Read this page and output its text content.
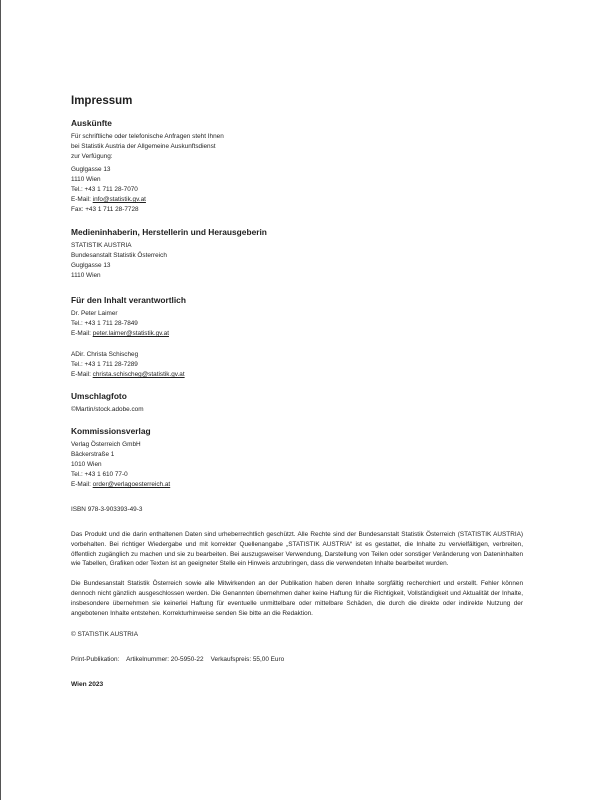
Impressum
Auskünfte

Für schriftliche oder telefonische Anfragen steht Ihnen
bei Statistik Austria der Allgemeine Auskunftsdienst
zur Verfügung:

Guglgasse 13
1110 Wien
Tel.: +43 1 711 28-7070
E-Mail: info@statistik.gv.at
Fax: +43 1 711 28-7728

Medieninhaberin, Herstellerin und Herausgeberin

STATISTIK AUSTRIA
Bundesanstalt Statistik Österreich
Guglgasse 13
1110 Wien

Für den Inhalt verantwortlich

Dr. Peter Laimer
Tel.: +43 1 711 28-7849
E-Mail: peter.laimer@statistik.gv.at

ADir. Christa Schischeg
Tel.: +43 1 711 28-7289
E-Mail: christa.schischeg@statistik.gv.at

Umschlagfoto

©Martin/stock.adobe.com

Kommissionsverlag

Verlag Österreich GmbH
Bäckerstraße 1
1010 Wien
Tel.: +43 1 610 77-0
E-Mail: order@verlagoesterreich.at

ISBN 978-3-903393-49-3

Das Produkt und die darin enthaltenen Daten sind urheberrechtlich geschützt. Alle Rechte sind der Bundesanstalt Statistik Österreich (STATISTIK AUSTRIA) vorbehalten. Bei richtiger Wiedergabe und mit korrekter Quellenangabe „STATISTIK AUSTRIA“ ist es gestattet, die Inhalte zu vervielfältigen, verbreiten, öffentlich zugänglich zu machen und sie zu bearbeiten. Bei auszugsweiser Verwendung, Darstellung von Teilen oder sonstiger Veränderung von Dateninhalten wie Tabellen, Grafiken oder Texten ist an geeigneter Stelle ein Hinweis anzubringen, dass die verwendeten Inhalte bearbeitet wurden.

Die Bundesanstalt Statistik Österreich sowie alle Mitwirkenden an der Publikation haben deren Inhalte sorgfältig recherchiert und erstellt. Fehler können dennoch nicht gänzlich ausgeschlossen werden. Die Genannten übernehmen daher keine Haftung für die Richtigkeit, Vollständigkeit und Aktualität der Inhalte, insbesondere übernehmen sie keinerlei Haftung für eventuelle unmittelbare oder mittelbare Schäden, die durch die direkte oder indirekte Nutzung der angebotenen Inhalte entstehen. Korrekturhinweise senden Sie bitte an die Redaktion.

© STATISTIK AUSTRIA

Print-Publikation: Artikelnummer: 20-5950-22 Verkaufspreis: 55,00 Euro

Wien 2023
